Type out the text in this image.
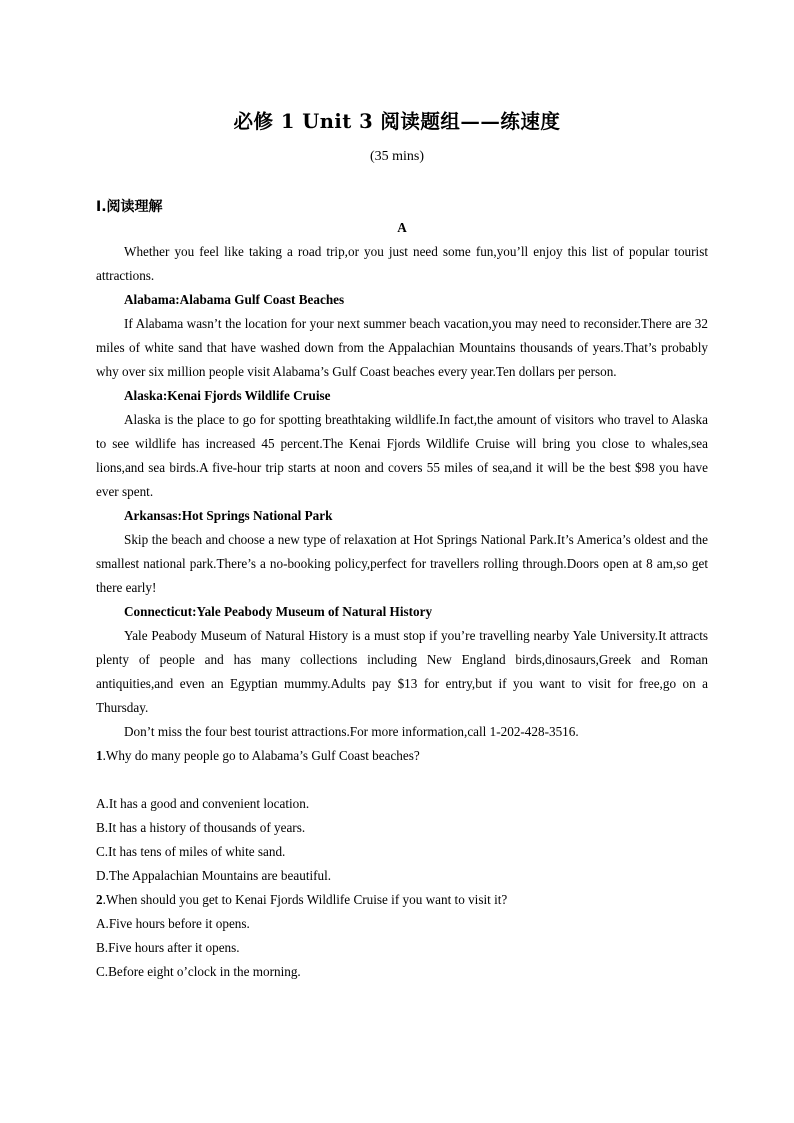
必修 1 Unit 3 阅读题组——练速度
(35 mins)
Ⅰ.阅读理解
A

Whether you feel like taking a road trip,or you just need some fun,you’ll enjoy this list of popular tourist attractions.

Alabama:Alabama Gulf Coast Beaches

If Alabama wasn’t the location for your next summer beach vacation,you may need to reconsider.There are 32 miles of white sand that have washed down from the Appalachian Mountains thousands of years.That’s probably why over six million people visit Alabama’s Gulf Coast beaches every year.Ten dollars per person.

Alaska:Kenai Fjords Wildlife Cruise

Alaska is the place to go for spotting breathtaking wildlife.In fact,the amount of visitors who travel to Alaska to see wildlife has increased 45 percent.The Kenai Fjords Wildlife Cruise will bring you close to whales,sea lions,and sea birds.A five-hour trip starts at noon and covers 55 miles of sea,and it will be the best $98 you have ever spent.

Arkansas:Hot Springs National Park

Skip the beach and choose a new type of relaxation at Hot Springs National Park.It’s America’s oldest and the smallest national park.There’s a no-booking policy,perfect for travellers rolling through.Doors open at 8 am,so get there early!

Connecticut:Yale Peabody Museum of Natural History

Yale Peabody Museum of Natural History is a must stop if you’re travelling nearby Yale University.It attracts plenty of people and has many collections including New England birds,dinosaurs,Greek and Roman antiquities,and even an Egyptian mummy.Adults pay $13 for entry,but if you want to visit for free,go on a Thursday.

Don’t miss the four best tourist attractions.For more information,call 1-202-428-3516.

1.Why do many people go to Alabama’s Gulf Coast beaches?

A.It has a good and convenient location.

B.It has a history of thousands of years.

C.It has tens of miles of white sand.

D.The Appalachian Mountains are beautiful.

2.When should you get to Kenai Fjords Wildlife Cruise if you want to visit it?

A.Five hours before it opens.

B.Five hours after it opens.

C.Before eight o’clock in the morning.
